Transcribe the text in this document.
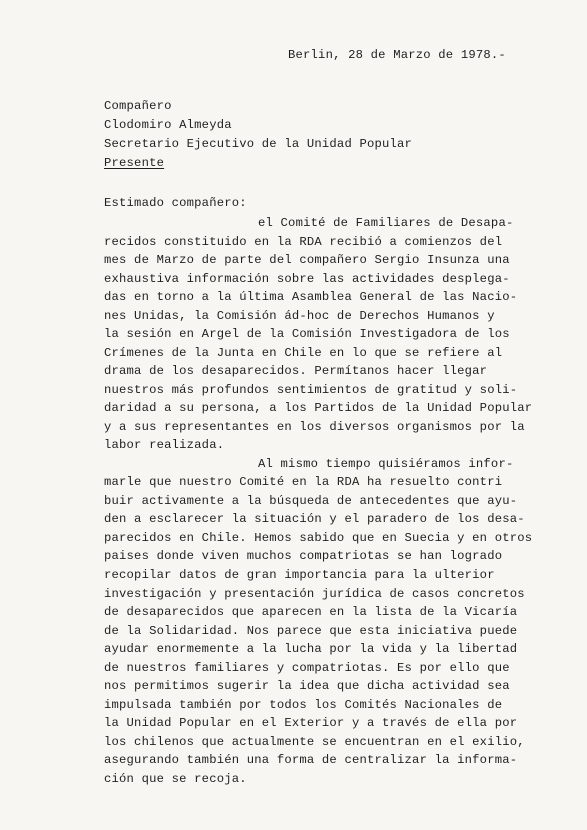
Berlin, 28 de Marzo de 1978.-
Compañero
Clodomiro Almeyda
Secretario Ejecutivo de la Unidad Popular
Presente
Estimado compañero:
el Comité de Familiares de Desapa-
recidos constituido en la RDA recibió a comienzos del
mes de Marzo de parte del compañero Sergio Insunza una
exhaustiva información sobre las actividades desplega-
das en torno a la última Asamblea General de las Nacio-
nes Unidas, la Comisión ád-hoc de Derechos Humanos y
la sesión en Argel de la Comisión Investigadora de los
Crímenes de la Junta en Chile en lo que se refiere al
drama de los desaparecidos. Permítanos hacer llegar
nuestros más profundos sentimientos de gratitud y soli-
daridad a su persona, a los Partidos de la Unidad Popular
y a sus representantes en los diversos organismos por la
labor realizada.
Al mismo tiempo quisiéramos infor-
marle que nuestro Comité en la RDA ha resuelto contri
buir activamente a la búsqueda de antecedentes que ayu-
den a esclarecer la situación y el paradero de los desa-
parecidos en Chile. Hemos sabido que en Suecia y en otros
paises donde viven muchos compatriotas se han logrado
recopilar datos de gran importancia para la ulterior
investigación y presentación jurídica de casos concretos
de desaparecidos que aparecen en la lista de la Vicaría
de la Solidaridad. Nos parece que esta iniciativa puede
ayudar enormemente a la lucha por la vida y la libertad
de nuestros familiares y compatriotas. Es por ello que
nos permitimos sugerir la idea que dicha actividad sea
impulsada también por todos los Comités Nacionales de
la Unidad Popular en el Exterior y a través de ella por
los chilenos que actualmente se encuentran en el exilio,
asegurando también una forma de centralizar la informa-
ción que se recoja.
